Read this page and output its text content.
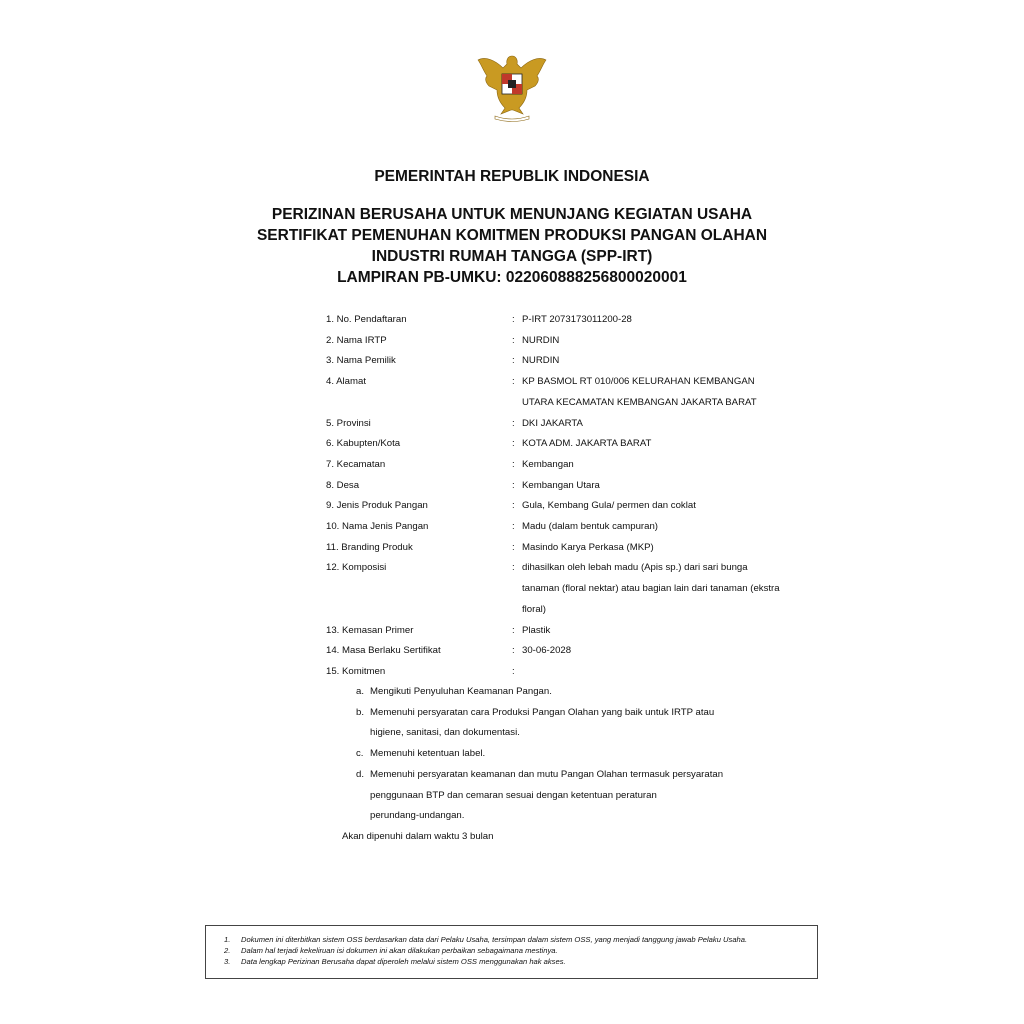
PEMERINTAH REPUBLIK INDONESIA
PERIZINAN BERUSAHA UNTUK MENUNJANG KEGIATAN USAHA
SERTIFIKAT PEMENUHAN KOMITMEN PRODUKSI PANGAN OLAHAN
INDUSTRI RUMAH TANGGA (SPP-IRT)
LAMPIRAN PB-UMKU: 022060888256800020001
1. No. Pendaftaran	: P-IRT 2073173011200-28
2. Nama IRTP	: NURDIN
3. Nama Pemilik	: NURDIN
4. Alamat	: KP BASMOL RT 010/006 KELURAHAN KEMBANGAN
UTARA KECAMATAN KEMBANGAN JAKARTA BARAT
5. Provinsi	: DKI JAKARTA
6. Kabupten/Kota	: KOTA ADM. JAKARTA BARAT
7. Kecamatan	: Kembangan
8. Desa	: Kembangan Utara
9. Jenis Produk Pangan	: Gula, Kembang Gula/ permen dan coklat
10. Nama Jenis Pangan	: Madu (dalam bentuk campuran)
11. Branding Produk	: Masindo Karya Perkasa (MKP)
12. Komposisi	: dihasilkan oleh lebah madu (Apis sp.) dari sari bunga
tanaman (floral nektar) atau bagian lain dari tanaman (ekstra
floral)
13. Kemasan Primer	: Plastik
14. Masa Berlaku Sertifikat	: 30-06-2028
15. Komitmen	:
a. Mengikuti Penyuluhan Keamanan Pangan.
b. Memenuhi persyaratan cara Produksi Pangan Olahan yang baik untuk IRTP atau
higiene, sanitasi, dan dokumentasi.
c. Memenuhi ketentuan label.
d. Memenuhi persyaratan keamanan dan mutu Pangan Olahan termasuk persyaratan
penggunaan BTP dan cemaran sesuai dengan ketentuan peraturan
perundang-undangan.
Akan dipenuhi dalam waktu 3 bulan
1. Dokumen ini diterbitkan sistem OSS berdasarkan data dari Pelaku Usaha, tersimpan dalam sistem OSS, yang menjadi tanggung jawab Pelaku Usaha.
2. Dalam hal terjadi kekeliruan isi dokumen ini akan dilakukan perbaikan sebagaimana mestinya.
3. Data lengkap Perizinan Berusaha dapat diperoleh melalui sistem OSS menggunakan hak akses.
